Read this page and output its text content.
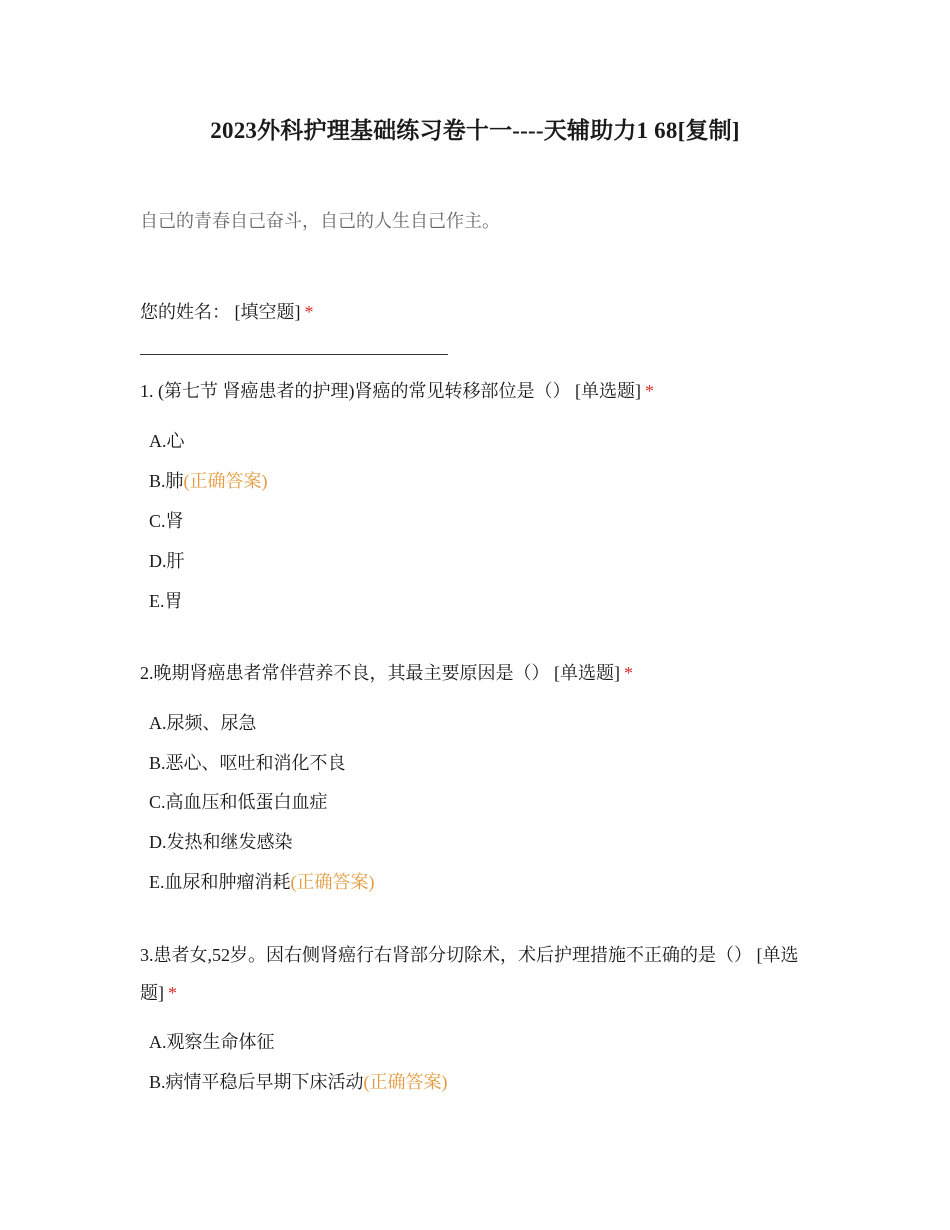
2023外科护理基础练习卷十一----天辅助力1 68[复制]
自己的青春自己奋斗，自己的人生自己作主。
您的姓名： [填空题] *
1. (第七节 肾癌患者的护理)肾癌的常见转移部位是（） [单选题] *
A.心
B.肺(正确答案)
C.肾
D.肝
E.胃
2.晚期肾癌患者常伴营养不良，其最主要原因是（） [单选题] *
A.尿频、尿急
B.恶心、呕吐和消化不良
C.高血压和低蛋白血症
D.发热和继发感染
E.血尿和肿瘤消耗(正确答案)
3.患者女,52岁。因右侧肾癌行右肾部分切除术，术后护理措施不正确的是（） [单选题] *
A.观察生命体征
B.病情平稳后早期下床活动(正确答案)
